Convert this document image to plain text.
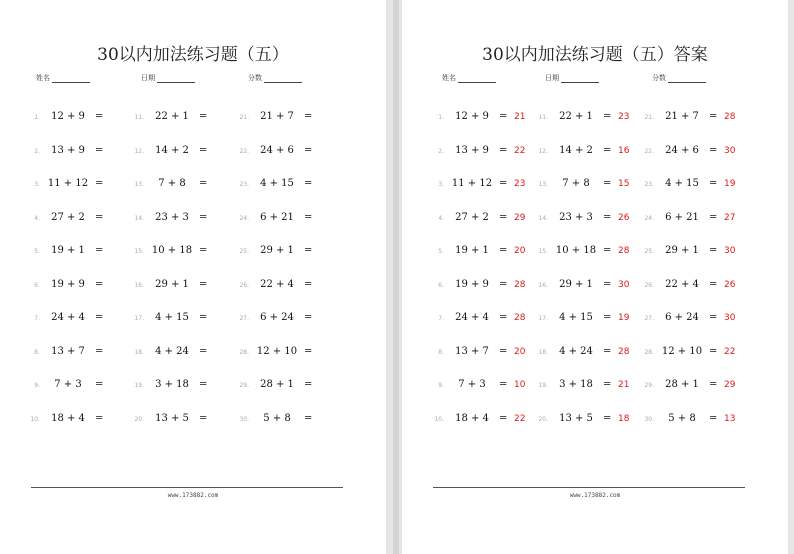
30以内加法练习题（五）
姓名	日期	分数
1.	12 + 9	=
2.	13 + 9	=
3. 11 + 12 =
4.	27 + 2	=
5.	19 + 1	=
6.	19 + 9	=
7.	24 + 4	=
8.	13 + 7	=
9.	7 + 3	=
10.	18 + 4	=
11.	22 + 1	=
12.	14 + 2	=
13.	7 + 8	=
14.	23 + 3	=
15. 10 + 18 =
16.	29 + 1	=
17.	4 + 15	=
18.	4 + 24	=
19.	3 + 18	=
20.	13 + 5	=
21.	21 + 7	=
22.	24 + 6	=
23.	4 + 15	=
24.	6 + 21	=
25.	29 + 1	=
26.	22 + 4	=
27.	6 + 24	=
28. 12 + 10 =
29.	28 + 1	=
30.	5 + 8	=
www.173882.com
30以内加法练习题（五）答案
姓名	日期	分数
1.	12 + 9	= 21
2.	13 + 9	= 22
3. 11 + 12 = 23
4.	27 + 2	= 29
5.	19 + 1	= 20
6.	19 + 9	= 28
7.	24 + 4	= 28
8.	13 + 7	= 20
9.	7 + 3	= 10
10.	18 + 4	= 22
11.	22 + 1	= 23
12.	14 + 2	= 16
13.	7 + 8	= 15
14.	23 + 3	= 26
15. 10 + 18 = 28
16.	29 + 1	= 30
17.	4 + 15	= 19
18.	4 + 24	= 28
19.	3 + 18	= 21
20.	13 + 5	= 18
21.	21 + 7	= 28
22.	24 + 6	= 30
23.	4 + 15	= 19
24.	6 + 21	= 27
25.	29 + 1	= 30
26.	22 + 4	= 26
27.	6 + 24	= 30
28. 12 + 10 = 22
29.	28 + 1	= 29
30.	5 + 8	= 13
www.173882.com
